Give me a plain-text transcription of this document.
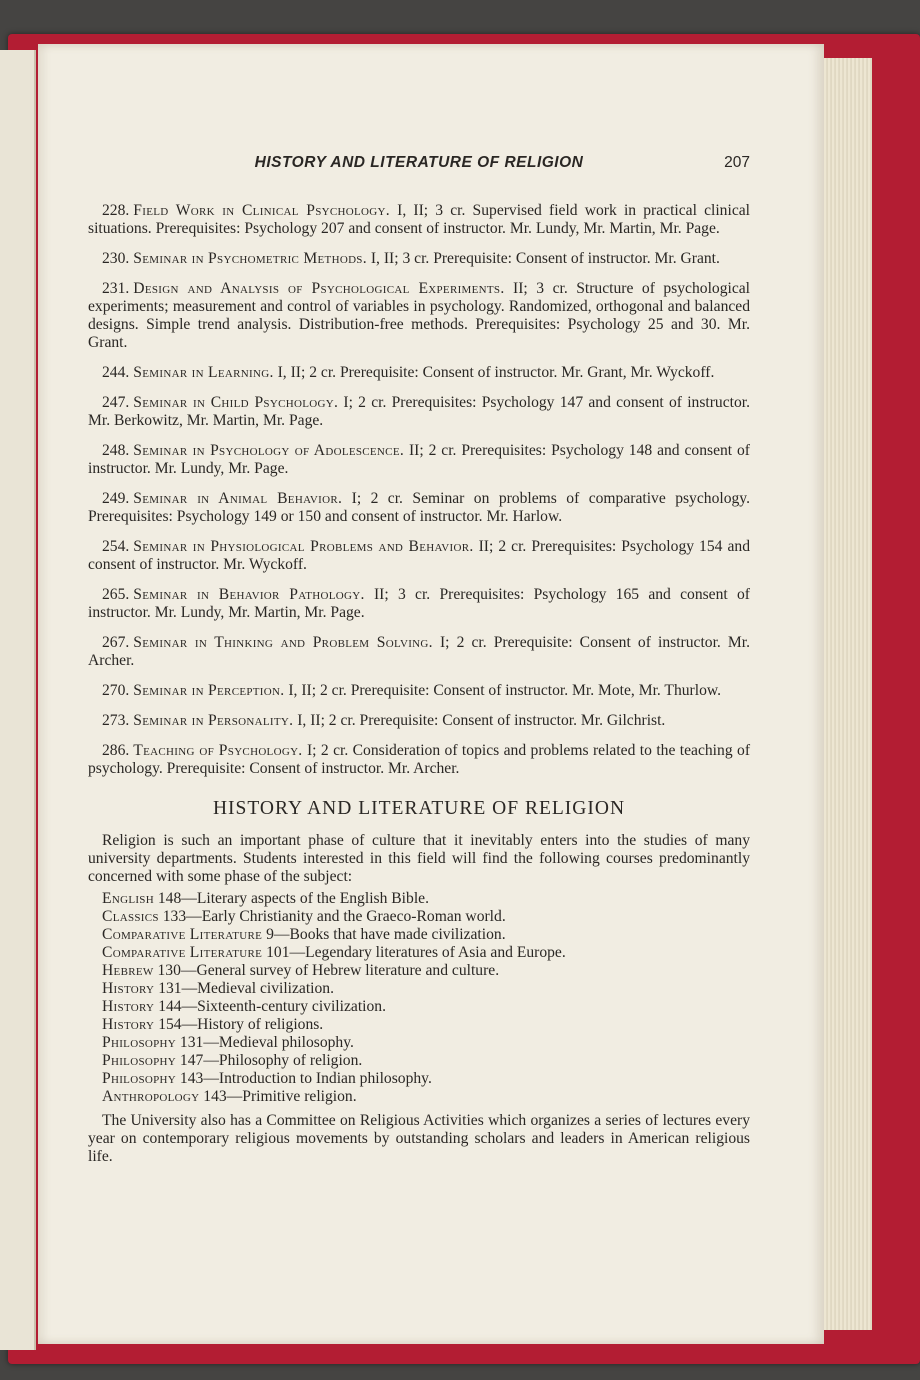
HISTORY AND LITERATURE OF RELIGION	207

228. Field Work in Clinical Psychology. I, II; 3 cr. Supervised field work in practical clinical situations. Prerequisites: Psychology 207 and consent of instructor. Mr. Lundy, Mr. Martin, Mr. Page.

230. Seminar in Psychometric Methods. I, II; 3 cr. Prerequisite: Consent of instructor. Mr. Grant.

231. Design and Analysis of Psychological Experiments. II; 3 cr. Structure of psychological experiments; measurement and control of variables in psychology. Randomized, orthogonal and balanced designs. Simple trend analysis. Distribution-free methods. Prerequisites: Psychology 25 and 30. Mr. Grant.

244. Seminar in Learning. I, II; 2 cr. Prerequisite: Consent of instructor. Mr. Grant, Mr. Wyckoff.

247. Seminar in Child Psychology. I; 2 cr. Prerequisites: Psychology 147 and consent of instructor. Mr. Berkowitz, Mr. Martin, Mr. Page.

248. Seminar in Psychology of Adolescence. II; 2 cr. Prerequisites: Psychology 148 and consent of instructor. Mr. Lundy, Mr. Page.

249. Seminar in Animal Behavior. I; 2 cr. Seminar on problems of comparative psychology. Prerequisites: Psychology 149 or 150 and consent of instructor. Mr. Harlow.

254. Seminar in Physiological Problems and Behavior. II; 2 cr. Prerequisites: Psychology 154 and consent of instructor. Mr. Wyckoff.

265. Seminar in Behavior Pathology. II; 3 cr. Prerequisites: Psychology 165 and consent of instructor. Mr. Lundy, Mr. Martin, Mr. Page.

267. Seminar in Thinking and Problem Solving. I; 2 cr. Prerequisite: Consent of instructor. Mr. Archer.

270. Seminar in Perception. I, II; 2 cr. Prerequisite: Consent of instructor. Mr. Mote, Mr. Thurlow.

273. Seminar in Personality. I, II; 2 cr. Prerequisite: Consent of instructor. Mr. Gilchrist.

286. Teaching of Psychology. I; 2 cr. Consideration of topics and problems related to the teaching of psychology. Prerequisite: Consent of instructor. Mr. Archer.

HISTORY AND LITERATURE OF RELIGION

Religion is such an important phase of culture that it inevitably enters into the studies of many university departments. Students interested in this field will find the following courses predominantly concerned with some phase of the subject:

English 148—Literary aspects of the English Bible.
Classics 133—Early Christianity and the Graeco-Roman world.
Comparative Literature 9—Books that have made civilization.
Comparative Literature 101—Legendary literatures of Asia and Europe.
Hebrew 130—General survey of Hebrew literature and culture.
History 131—Medieval civilization.
History 144—Sixteenth-century civilization.
History 154—History of religions.
Philosophy 131—Medieval philosophy.
Philosophy 147—Philosophy of religion.
Philosophy 143—Introduction to Indian philosophy.
Anthropology 143—Primitive religion.

The University also has a Committee on Religious Activities which organizes a series of lectures every year on contemporary religious movements by outstanding scholars and leaders in American religious life.
